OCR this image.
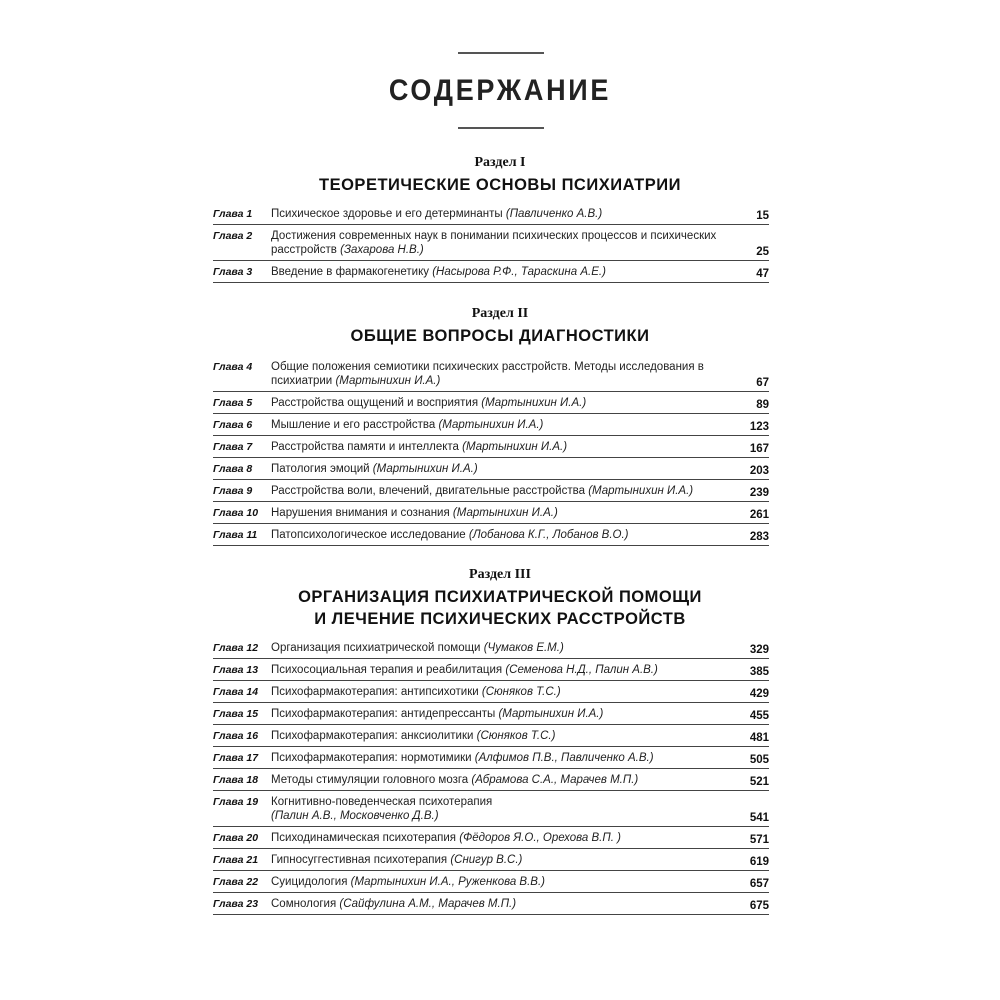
СОДЕРЖАНИЕ
Раздел I
ТЕОРЕТИЧЕСКИЕ ОСНОВЫ ПСИХИАТРИИ
Глава 1	Психическое здоровье и его детерминанты (Павличенко А.В.)	15
Глава 2	Достижения современных наук в понимании психических процессов и психических расстройств (Захарова Н.В.)	25
Глава 3	Введение в фармакогенетику (Насырова Р.Ф., Тараскина А.Е.)	47
Раздел II
ОБЩИЕ ВОПРОСЫ ДИАГНОСТИКИ
Глава 4	Общие положения семиотики психических расстройств. Методы исследования в психиатрии (Мартынихин И.А.)	67
Глава 5	Расстройства ощущений и восприятия (Мартынихин И.А.)	89
Глава 6	Мышление и его расстройства (Мартынихин И.А.)	123
Глава 7	Расстройства памяти и интеллекта (Мартынихин И.А.)	167
Глава 8	Патология эмоций (Мартынихин И.А.)	203
Глава 9	Расстройства воли, влечений, двигательные расстройства (Мартынихин И.А.)	239
Глава 10	Нарушения внимания и сознания (Мартынихин И.А.)	261
Глава 11	Патопсихологическое исследование (Лобанова К.Г., Лобанов В.О.)	283
Раздел III
ОРГАНИЗАЦИЯ ПСИХИАТРИЧЕСКОЙ ПОМОЩИ
И ЛЕЧЕНИЕ ПСИХИЧЕСКИХ РАССТРОЙСТВ
Глава 12	Организация психиатрической помощи (Чумаков Е.М.)	329
Глава 13	Психосоциальная терапия и реабилитация (Семенова Н.Д., Палин А.В.)	385
Глава 14	Психофармакотерапия: антипсихотики (Сюняков Т.С.)	429
Глава 15	Психофармакотерапия: антидепрессанты (Мартынихин И.А.)	455
Глава 16	Психофармакотерапия: анксиолитики (Сюняков Т.С.)	481
Глава 17	Психофармакотерапия: нормотимики (Алфимов П.В., Павличенко А.В.)	505
Глава 18	Методы стимуляции головного мозга (Абрамова С.А., Марачев М.П.)	521
Глава 19	Когнитивно-поведенческая психотерапия
(Палин А.В., Московченко Д.В.)	541
Глава 20	Психодинамическая психотерапия (Фёдоров Я.О., Орехова В.П. )	571
Глава 21	Гипносуггестивная психотерапия (Снигур В.С.)	619
Глава 22	Суицидология (Мартынихин И.А., Руженкова В.В.)	657
Глава 23	Сомнология (Сайфулина А.М., Марачев М.П.)	675
